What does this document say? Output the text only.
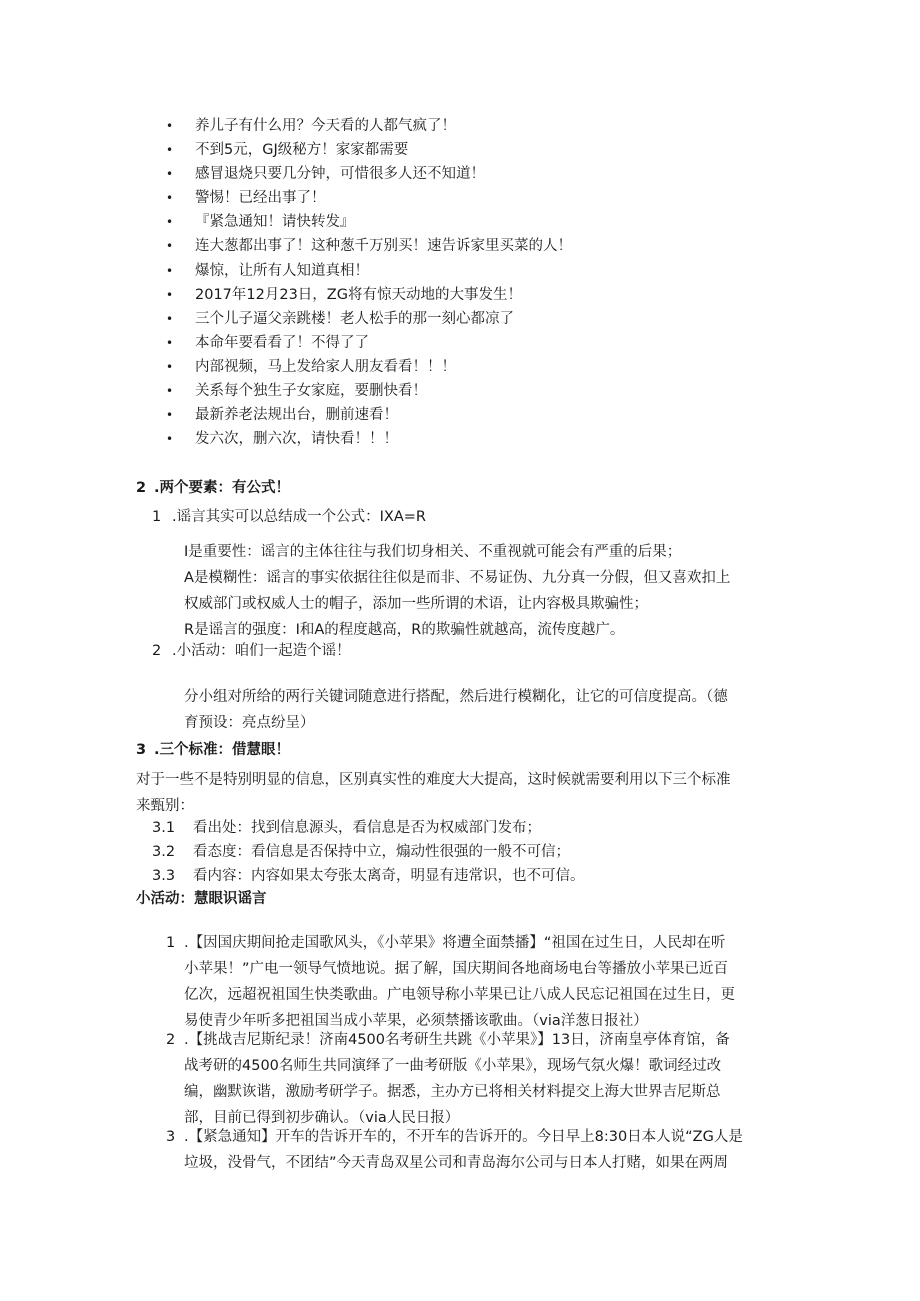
• 养儿子有什么用？今天看的人都气疯了！
• 不到5元，GJ级秘方！家家都需要
• 感冒退烧只要几分钟，可惜很多人还不知道！
• 警惕！已经出事了！
• 『紧急通知！请快转发』
• 连大葱都出事了！这种葱千万别买！速告诉家里买菜的人！
• 爆惊，让所有人知道真相！
• 2017年12月23日，ZG将有惊天动地的大事发生！
• 三个儿子逼父亲跳楼！老人松手的那一刻心都凉了
• 本命年要看看了！不得了了
• 内部视频，马上发给家人朋友看看！！！
• 关系每个独生子女家庭，要删快看！
• 最新养老法规出台，删前速看！
• 发六次，删六次，请快看！！！
2 .两个要素：有公式！
1 .谣言其实可以总结成一个公式：IXA=R
I是重要性：谣言的主体往往与我们切身相关、不重视就可能会有严重的后果；
A是模糊性：谣言的事实依据往往似是而非、不易证伪、九分真一分假，但又喜欢扣上
权威部门或权威人士的帽子，添加一些所谓的术语，让内容极具欺骗性；
R是谣言的强度：I和A的程度越高，R的欺骗性就越高，流传度越广。
2 .小活动：咱们一起造个谣！
分小组对所给的两行关键词随意进行搭配，然后进行模糊化，让它的可信度提高。（德
育预设：亮点纷呈）
3 .三个标准：借慧眼！
对于一些不是特别明显的信息，区别真实性的难度大大提高，这时候就需要利用以下三个标准
来甄别：
3.1 看出处：找到信息源头，看信息是否为权威部门发布；
3.2 看态度：看信息是否保持中立，煽动性很强的一般不可信；
3.3 看内容：内容如果太夸张太离奇，明显有违常识，也不可信。
小活动：慧眼识谣言
1 .【因国庆期间抢走国歌风头，《小苹果》将遭全面禁播】“祖国在过生日，人民却在听
小苹果！”广电一领导气愤地说。据了解，国庆期间各地商场电台等播放小苹果已近百
亿次，远超祝祖国生快类歌曲。广电领导称小苹果已让八成人民忘记祖国在过生日，更
易使青少年听多把祖国当成小苹果，必须禁播该歌曲。（via洋葱日报社）
2 .【挑战吉尼斯纪录！济南4500名考研生共跳《小苹果》】13日，济南皇亭体育馆，备
战考研的4500名师生共同演绎了一曲考研版《小苹果》，现场气氛火爆！歌词经过改
编，幽默诙谐，激励考研学子。据悉，主办方已将相关材料提交上海大世界吉尼斯总
部，目前已得到初步确认。（via人民日报）
3 .【紧急通知】开车的告诉开车的，不开车的告诉开的。今日早上8:30日本人说“ZG人是
垃圾，没骨气，不团结”今天青岛双星公司和青岛海尔公司与日本人打赌，如果在两周
